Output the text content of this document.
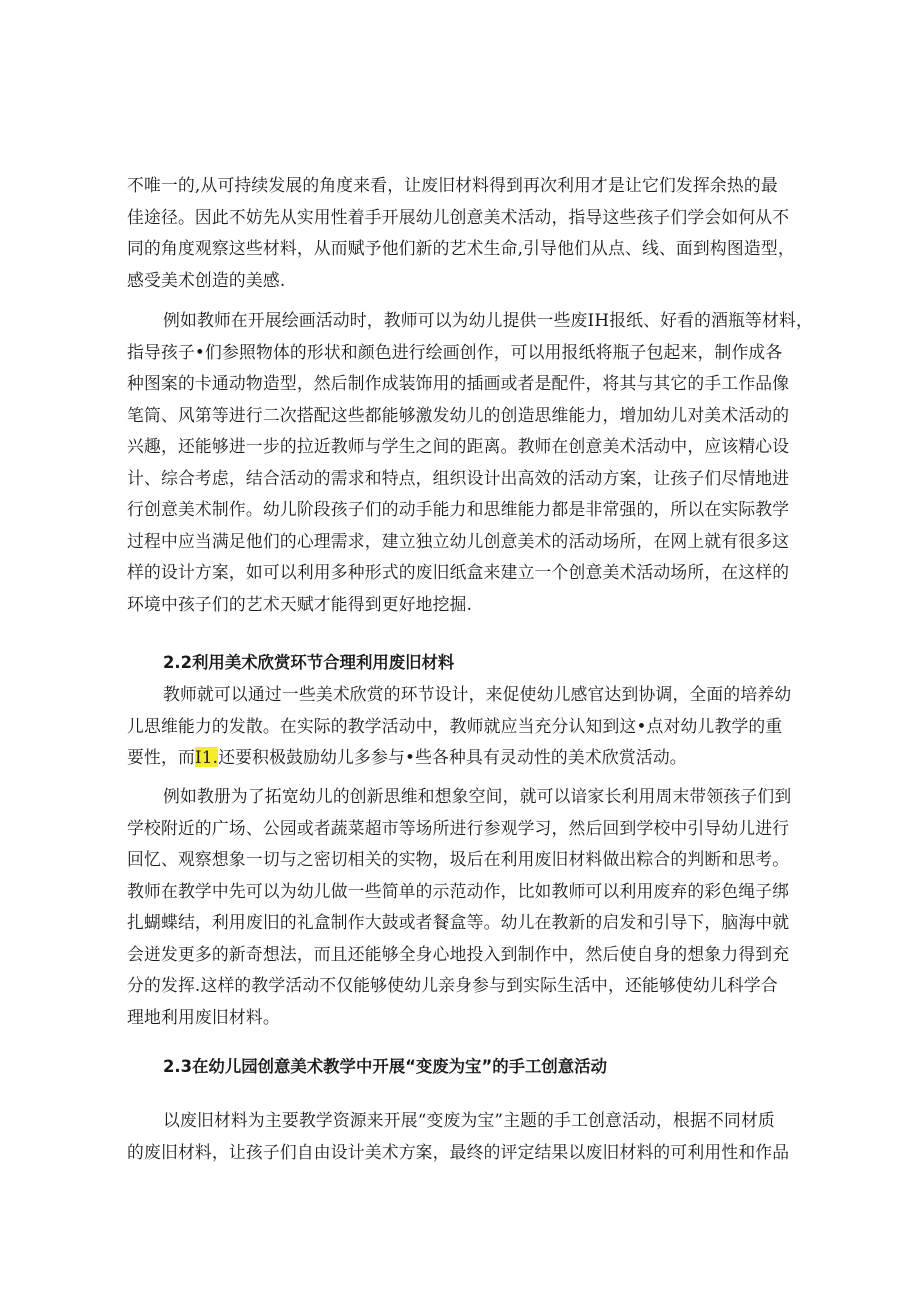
不唯一的,从可持续发展的角度来看，让废旧材料得到再次利用才是让它们发挥余热的最
佳途径。因此不妨先从实用性着手开展幼儿创意美术活动，指导这些孩子们学会如何从不
同的角度观察这些材料，从而赋予他们新的艺术生命,引导他们从点、线、面到构图造型，
感受美术创造的美感.

例如教师在开展绘画活动时，教师可以为幼儿提供一些废IH报纸、好看的酒瓶等材料，
指导孩子•们参照物体的形状和颜色进行绘画创作，可以用报纸将瓶子包起来，制作成各
种图案的卡通动物造型，然后制作成装饰用的插画或者是配件，将其与其它的手工作品像
笔筒、风第等进行二次搭配这些都能够激发幼儿的创造思维能力，增加幼儿对美术活动的
兴趣，还能够进一步的拉近教师与学生之间的距离。教师在创意美术活动中，应该精心设
计、综合考虑，结合活动的需求和特点，组织设计出高效的活动方案，让孩子们尽情地进
行创意美术制作。幼儿阶段孩子们的动手能力和思维能力都是非常强的，所以在实际教学
过程中应当满足他们的心理需求，建立独立幼儿创意美术的活动场所，在网上就有很多这
样的设计方案，如可以利用多种形式的废旧纸盒来建立一个创意美术活动场所，在这样的
环境中孩子们的艺术天赋才能得到更好地挖掘.

2.2利用美术欣赏环节合理利用废旧材料

教师就可以通过一些美术欣赏的环节设计，来促使幼儿感官达到协调，全面的培养幼
儿思维能力的发散。在实际的教学活动中，教师就应当充分认知到这•点对幼儿教学的重
要性，而I1.还要积极鼓励幼儿多参与•些各种具有灵动性的美术欣赏活动。

例如教册为了拓宽幼儿的创新思维和想象空间，就可以谙家长利用周末带领孩子们到
学校附近的广场、公园或者蔬菜超市等场所进行参观学习，然后回到学校中引导幼儿进行
回忆、观察想象一切与之密切相关的实物，圾后在利用废旧材料做出粽合的判断和思考。
教师在教学中先可以为幼儿做一些简单的示范动作，比如教师可以利用废弃的彩色绳子绑
扎蝴蝶结，利用废旧的礼盒制作大鼓或者餐盒等。幼儿在教新的启发和引导下，脑海中就
会迸发更多的新奇想法，而且还能够全身心地投入到制作中，然后使自身的想象力得到充
分的发挥.这样的教学活动不仅能够使幼儿亲身参与到实际生活中，还能够使幼儿科学合
理地利用废旧材料。

2.3在幼儿园创意美术教学中开展“变废为宝”的手工创意活动

以废旧材料为主要教学资源来开展“变废为宝”主题的手工创意活动，根据不同材质
的废旧材料，让孩子们自由设计美术方案，最终的评定结果以废旧材料的可利用性和作品
